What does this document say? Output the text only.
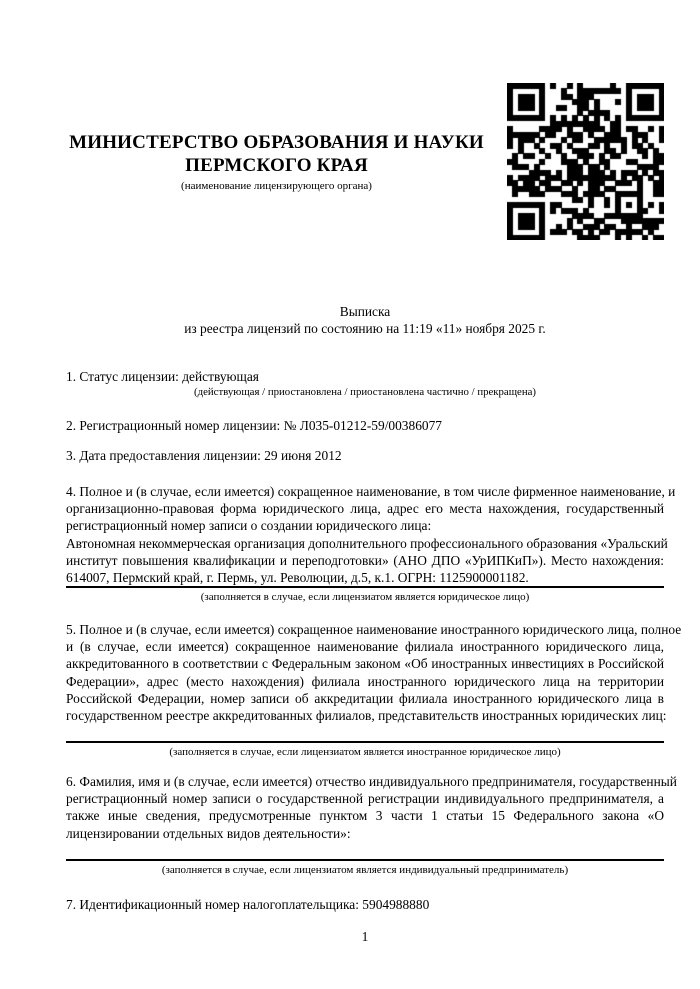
МИНИСТЕРСТВО ОБРАЗОВАНИЯ И НАУКИ
ПЕРМСКОГО КРАЯ
(наименование лицензирующего органа)
Выписка
из реестра лицензий по состоянию на 11:19 «11» ноября 2025 г.
1. Статус лицензии: действующая
(действующая / приостановлена / приостановлена частично / прекращена)
2. Регистрационный номер лицензии: № Л035-01212-59/00386077
3. Дата предоставления лицензии: 29 июня 2012
4. Полное и (в случае, если имеется) сокращенное наименование, в том числе фирменное наименование, и
организационно-правовая форма юридического лица, адрес его места нахождения, государственный
регистрационный номер записи о создании юридического лица:
Автономная некоммерческая организация дополнительного профессионального образования «Уральский
институт повышения квалификации и переподготовки» (АНО ДПО «УрИПКиП»). Место нахождения:
614007, Пермский край, г. Пермь, ул. Революции, д.5, к.1. ОГРН: 1125900001182.
(заполняется в случае, если лицензиатом является юридическое лицо)
5. Полное и (в случае, если имеется) сокращенное наименование иностранного юридического лица, полное
и (в случае, если имеется) сокращенное наименование филиала иностранного юридического лица,
аккредитованного в соответствии с Федеральным законом «Об иностранных инвестициях в Российской
Федерации», адрес (место нахождения) филиала иностранного юридического лица на территории
Российской Федерации, номер записи об аккредитации филиала иностранного юридического лица в
государственном реестре аккредитованных филиалов, представительств иностранных юридических лиц:
(заполняется в случае, если лицензиатом является иностранное юридическое лицо)
6. Фамилия, имя и (в случае, если имеется) отчество индивидуального предпринимателя, государственный
регистрационный номер записи о государственной регистрации индивидуального предпринимателя, а
также иные сведения, предусмотренные пунктом 3 части 1 статьи 15 Федерального закона «О
лицензировании отдельных видов деятельности»:
(заполняется в случае, если лицензиатом является индивидуальный предприниматель)
7. Идентификационный номер налогоплательщика: 5904988880
1
